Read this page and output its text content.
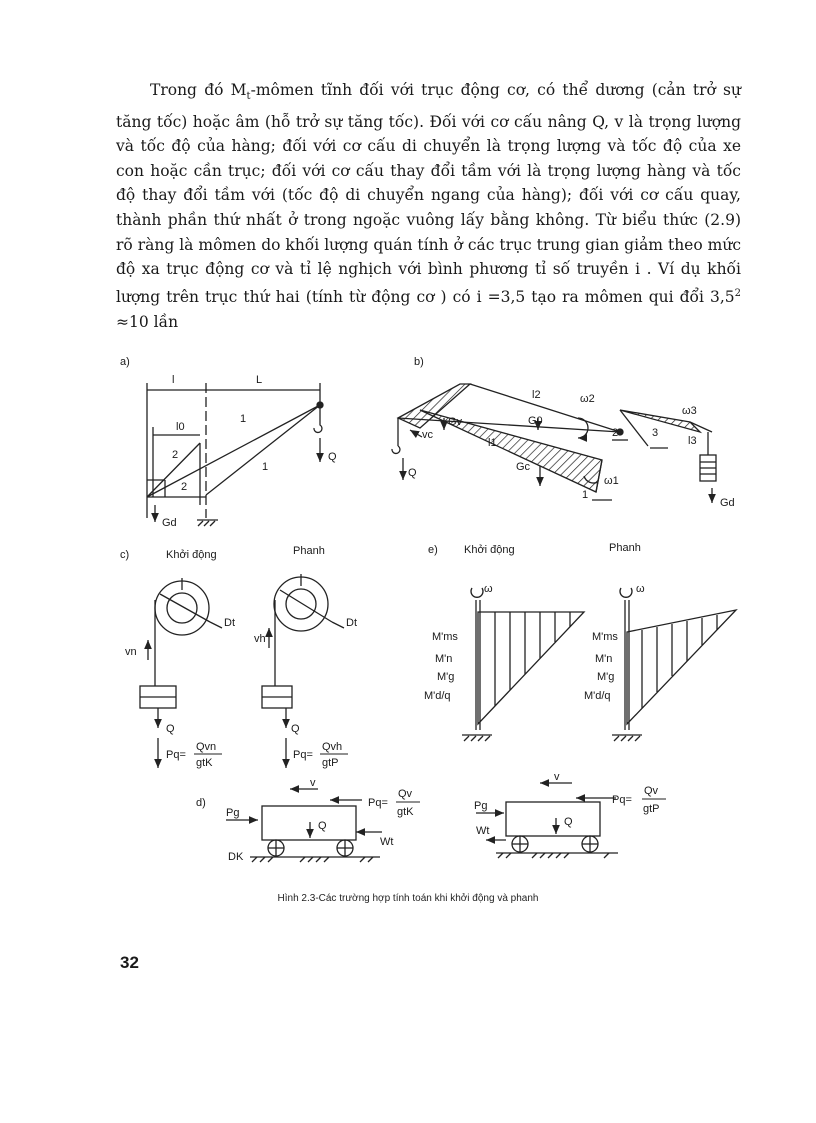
Trong đó $M_t$-mômen tĩnh đối với trục động cơ, có thể dương (cản trở sự tăng tốc) hoặc âm (hỗ trở sự tăng tốc). Đối với cơ cấu nâng Q, v là trọng lượng và tốc độ của hàng; đối với cơ cấu di chuyển là trọng lượng và tốc độ của xe con hoặc cần trục; đối với cơ cấu thay đổi tầm với là trọng lượng hàng và tốc độ thay đổi tầm với (tốc độ di chuyển ngang của hàng); đối với cơ cấu quay, thành phần thứ nhất ở trong ngoặc vuông lấy bằng không. Từ biểu thức (2.9) rõ ràng là mômen do khối lượng quán tính ở các trục trung gian giảm theo mức độ xa trục động cơ và tỉ lệ nghịch với bình phương tỉ số truyền i . Ví dụ khối lượng trên trục thứ hai (tính từ động cơ ) có i =3,5 tạo ra mômen qui đổi $3,5^2 \approx 10$ lần

a)
l	L
l0
1
1
2
2
Q
Gd
b)
l2	ω2
ω3
ω1
G0
Gv
vc
l1
Gc
Q
2	3
l3
1
Gd
c)	Khởi động	Phanh
Dt	Dt
vn
vh
Q	Q
Pq=
Qvn
gtK
Pq=
Qvh
gtP
e) Khởi động	Phanh
ω	ω
M'ms
M'n
M'g
M'd/q
M'ms
M'n
M'g
M'd/q
d)
v	v
Pg
Pg
Q	Q
Wt
Wt
DK
Pq=
Qv
gtK
Pq=
Qv
gtP
Hình 2.3-Các trường hợp tính toán khi khởi động và phanh
32
